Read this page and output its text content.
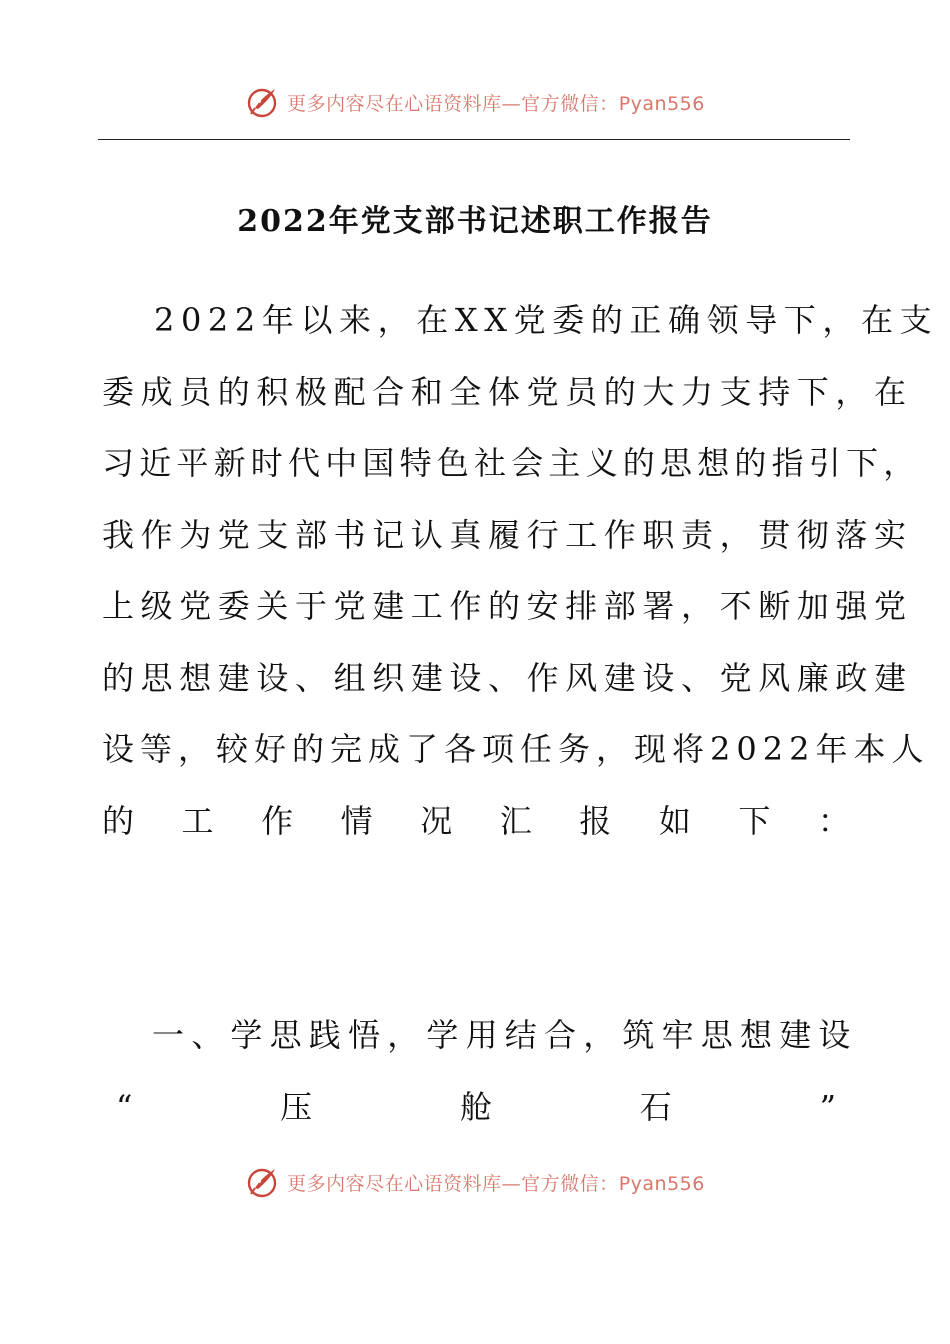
更多内容尽在心语资料库—官方微信：Pyan556
2022年党支部书记述职工作报告
2022年以来，在XX党委的正确领导下，在支
委成员的积极配合和全体党员的大力支持下，在
习近平新时代中国特色社会主义的思想的指引下，
我作为党支部书记认真履行工作职责，贯彻落实
上级党委关于党建工作的安排部署，不断加强党
的思想建设、组织建设、作风建设、党风廉政建
设等，较好的完成了各项任务，现将2022年本人
的 工 作 情 况 汇 报 如 下 ：
一、学思践悟，学用结合，筑牢思想建设
“	压	舱	石	”
更多内容尽在心语资料库—官方微信：Pyan556
